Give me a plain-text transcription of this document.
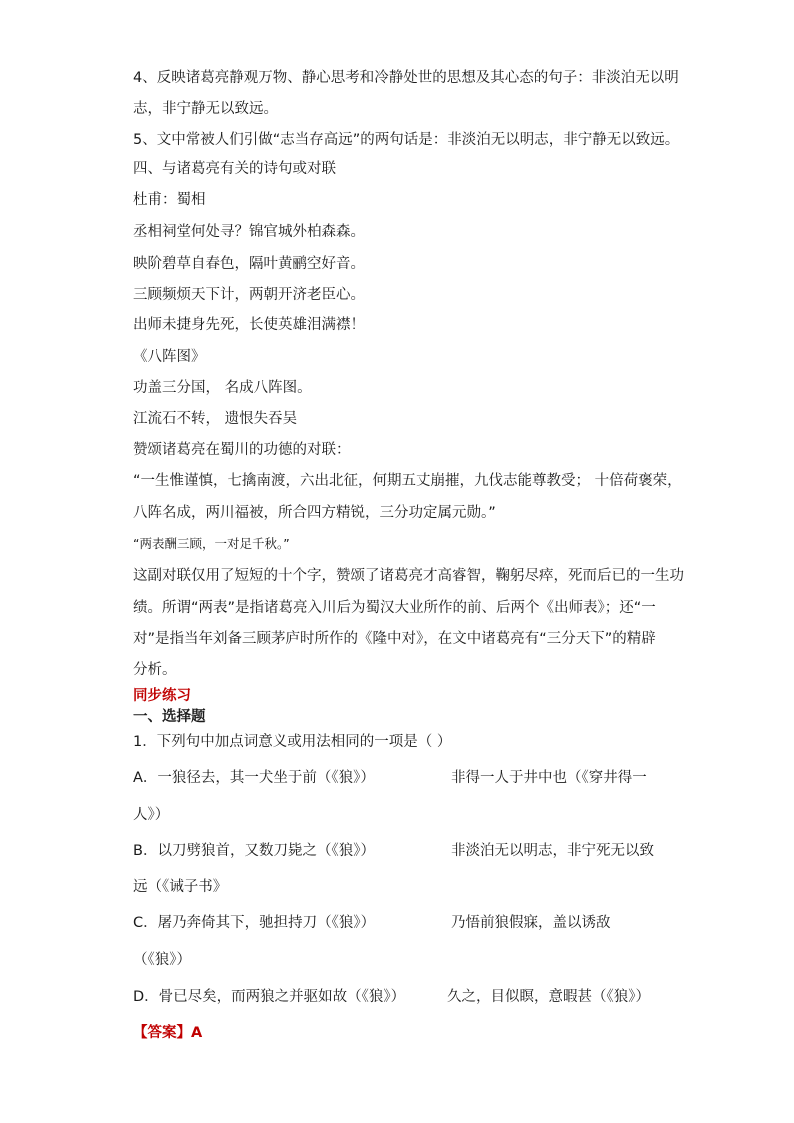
4、反映诸葛亮静观万物、静心思考和冷静处世的思想及其心态的句子：非淡泊无以明
志，非宁静无以致远。
5、文中常被人们引做“志当存高远”的两句话是：非淡泊无以明志，非宁静无以致远。
四、与诸葛亮有关的诗句或对联
杜甫：蜀相
丞相祠堂何处寻？锦官城外柏森森。
映阶碧草自春色，隔叶黄鹂空好音。
三顾频烦天下计，两朝开济老臣心。
出师未捷身先死，长使英雄泪满襟！
《八阵图》
功盖三分国， 名成八阵图。
江流石不转， 遗恨失吞吴
赞颂诸葛亮在蜀川的功德的对联：
“一生惟谨慎，七擒南渡，六出北征，何期五丈崩摧，九伐志能尊教受； 十倍荷褒荣，
八阵名成，两川福被，所合四方精锐，三分功定属元勋。”
“两表酬三顾，一对足千秋。”
这副对联仅用了短短的十个字，赞颂了诸葛亮才高睿智，鞠躬尽瘁，死而后已的一生功
绩。所谓“两表”是指诸葛亮入川后为蜀汉大业所作的前、后两个《出师表》；还“一
对”是指当年刘备三顾茅庐时所作的《隆中对》，在文中诸葛亮有“三分天下”的精辟
分析。
同步练习
一、选择题
1．下列句中加点词意义或用法相同的一项是（ ）
A．一狼径去，其一犬坐于前（《狼》）	非得一人于井中也（《穿井得一
人》）
B．以刀劈狼首，又数刀毙之（《狼》）	非淡泊无以明志，非宁死无以致
远（《诫子书》
C．屠乃奔倚其下，驰担持刀（《狼》）	乃悟前狼假寐，盖以诱敌
（《狼》）
D．骨已尽矣，而两狼之并驱如故（《狼》）	久之，目似瞑，意暇甚（《狼》）
【答案】A
